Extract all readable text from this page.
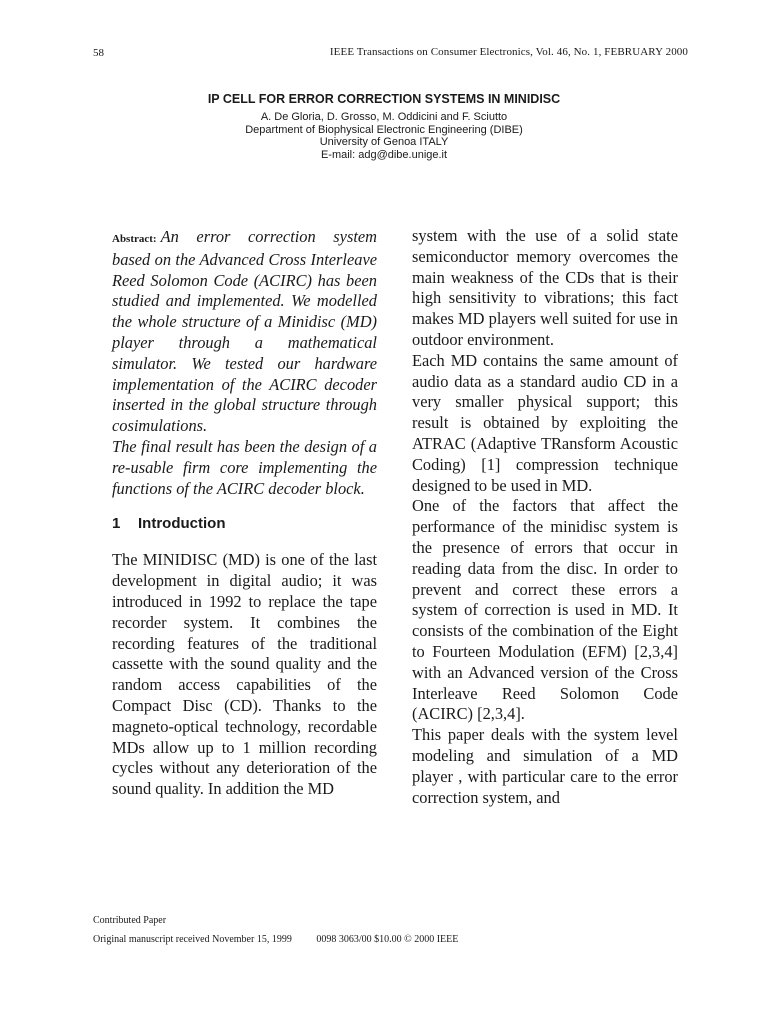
58	IEEE Transactions on Consumer Electronics, Vol. 46, No. 1, FEBRUARY 2000
IP CELL FOR ERROR CORRECTION SYSTEMS IN MINIDISC
A. De Gloria, D. Grosso, M. Oddicini and F. Sciutto
Department of Biophysical Electronic Engineering (DIBE)
University of Genoa ITALY
E-mail: adg@dibe.unige.it

Abstract: An error correction system based on the Advanced Cross Interleave Reed Solomon Code (ACIRC) has been studied and implemented. We modelled the whole structure of a Minidisc (MD) player through a mathematical simulator. We tested our hardware implementation of the ACIRC decoder inserted in the global structure through cosimulations.

The final result has been the design of a re-usable firm core implementing the functions of the ACIRC decoder block.

1	Introduction

The MINIDISC (MD) is one of the last development in digital audio; it was introduced in 1992 to replace the tape recorder system. It combines the recording features of the traditional cassette with the sound quality and the random access capabilities of the Compact Disc (CD). Thanks to the magneto-optical technology, recordable MDs allow up to 1 million recording cycles without any deterioration of the sound quality. In addition the MD

system with the use of a solid state semiconductor memory overcomes the main weakness of the CDs that is their high sensitivity to vibrations; this fact makes MD players well suited for use in outdoor environment.

Each MD contains the same amount of audio data as a standard audio CD in a very smaller physical support; this result is obtained by exploiting the ATRAC (Adaptive TRansform Acoustic Coding) [1] compression technique designed to be used in MD.

One of the factors that affect the performance of the minidisc system is the presence of errors that occur in reading data from the disc. In order to prevent and correct these errors a system of correction is used in MD. It consists of the combination of the Eight to Fourteen Modulation (EFM) [2,3,4] with an Advanced version of the Cross Interleave Reed Solomon Code (ACIRC) [2,3,4].

This paper deals with the system level modeling and simulation of a MD player , with particular care to the error correction system, and

Contributed Paper
Original manuscript received November 15, 1999 0098 3063/00 $10.00 © 2000 IEEE
